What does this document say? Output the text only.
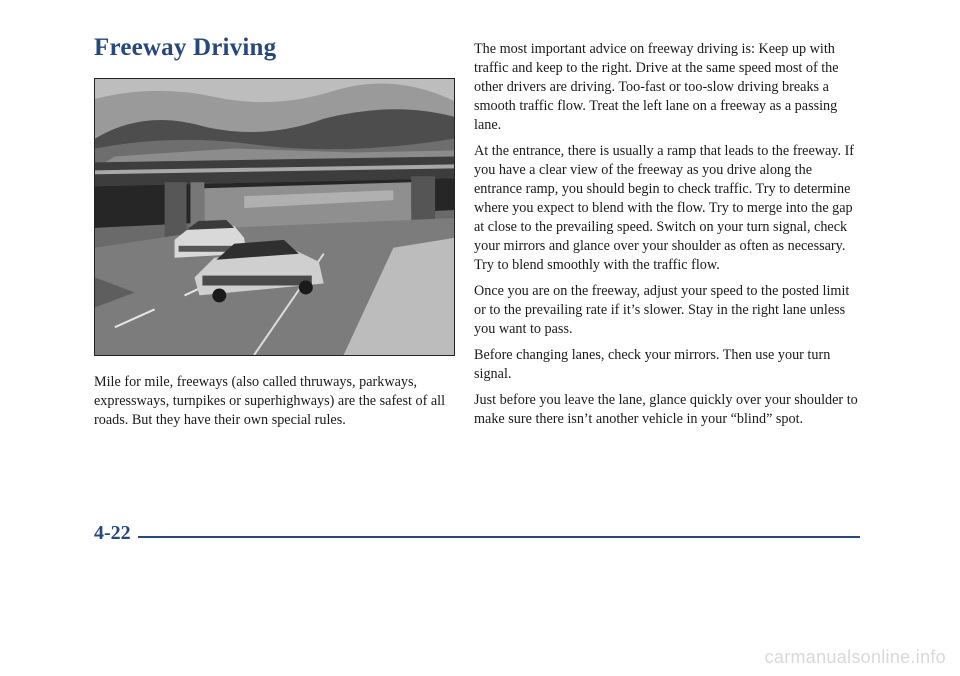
Freeway Driving

Mile for mile, freeways (also called thruways, parkways, expressways, turnpikes or superhighways) are the safest of all roads. But they have their own special rules.

The most important advice on freeway driving is: Keep up with traffic and keep to the right. Drive at the same speed most of the other drivers are driving. Too-fast or too-slow driving breaks a smooth traffic flow. Treat the left lane on a freeway as a passing lane.

At the entrance, there is usually a ramp that leads to the freeway. If you have a clear view of the freeway as you drive along the entrance ramp, you should begin to check traffic. Try to determine where you expect to blend with the flow. Try to merge into the gap at close to the prevailing speed. Switch on your turn signal, check your mirrors and glance over your shoulder as often as necessary. Try to blend smoothly with the traffic flow.

Once you are on the freeway, adjust your speed to the posted limit or to the prevailing rate if it’s slower. Stay in the right lane unless you want to pass.

Before changing lanes, check your mirrors. Then use your turn signal.

Just before you leave the lane, glance quickly over your shoulder to make sure there isn’t another vehicle in your “blind” spot.

4-22
carmanualsonline.info
